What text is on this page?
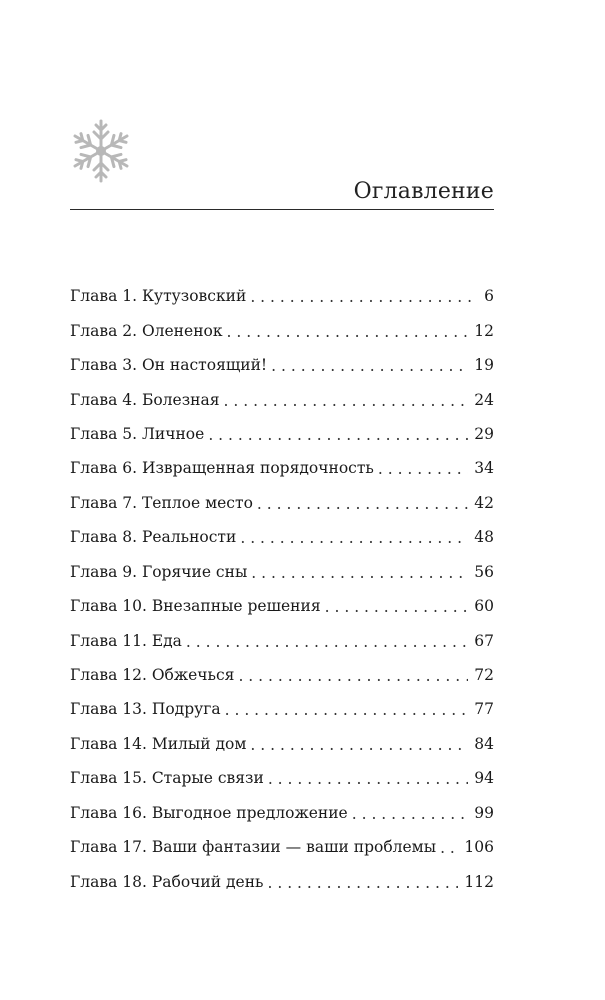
Оглавление
Глава 1. Кутузовский . . .	6
Глава 2. Олененок . . .	12
Глава 3. Он настоящий! . . .	19
Глава 4. Болезная . . .	24
Глава 5. Личное . . .	29
Глава 6. Извращенная порядочность . . .	34
Глава 7. Теплое место . . .	42
Глава 8. Реальности . . .	48
Глава 9. Горячие сны . . .	56
Глава 10. Внезапные решения . . .	60
Глава 11. Еда . . .	67
Глава 12. Обжечься . . .	72
Глава 13. Подруга . . .	77
Глава 14. Милый дом . . .	84
Глава 15. Старые связи . . .	94
Глава 16. Выгодное предложение . . .	99
Глава 17. Ваши фантазии — ваши проблемы . . . 106
Глава 18. Рабочий день . . .	112
